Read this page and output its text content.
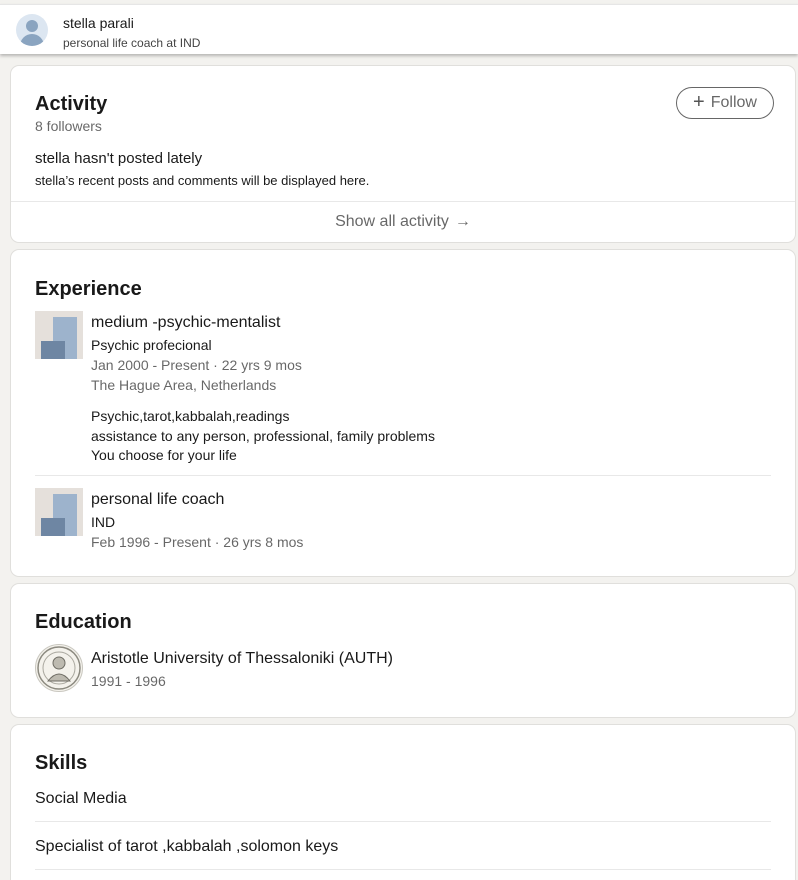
stella parali
personal life coach at IND
Activity
8 followers
+ Follow
stella hasn't posted lately
stella’s recent posts and comments will be displayed here.
Show all activity →
Experience
medium -psychic-mentalist
Psychic profecional
Jan 2000 - Present · 22 yrs 9 mos
The Hague Area, Netherlands
Psychic,tarot,kabbalah,readings
assistance to any person, professional, family problems
You choose for your life
personal life coach
IND
Feb 1996 - Present · 26 yrs 8 mos
Education
Aristotle University of Thessaloniki (AUTH)
1991 - 1996
Skills
Social Media
Specialist of tarot ,kabbalah ,solomon keys
